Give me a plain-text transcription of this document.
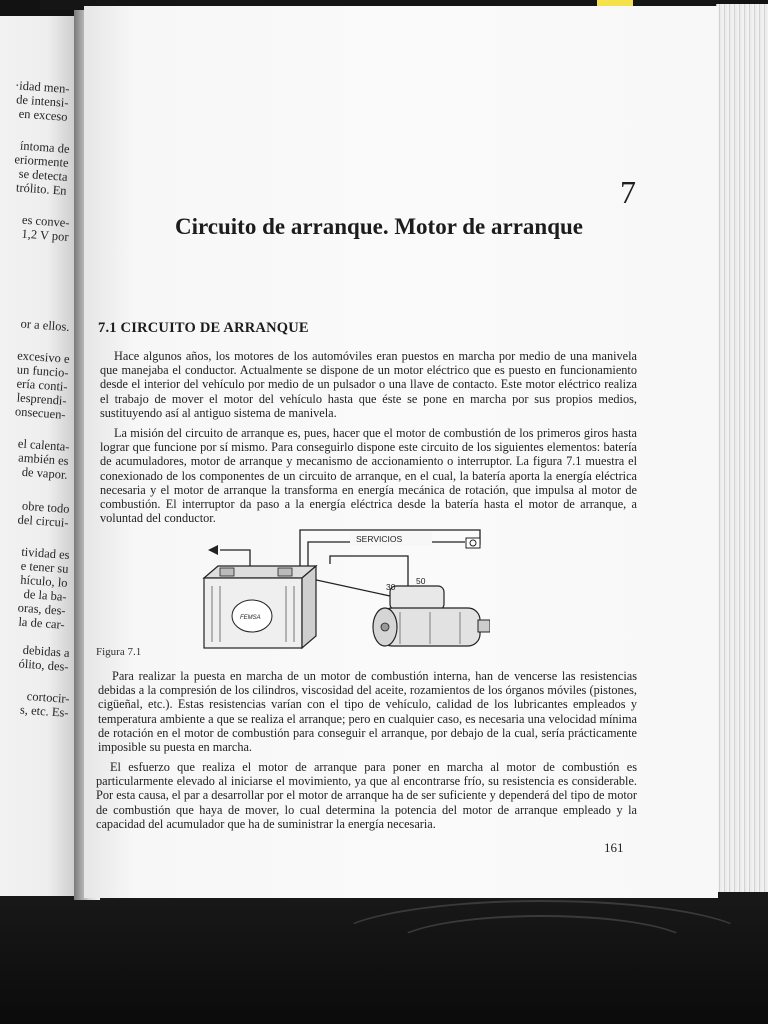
·idad men-
de intensi-
en exceso
íntoma de
eriormente
se detecta
trólito. En
es conve-
1,2 V por
or a ellos.
excesivo e
un funcio-
ería conti-
lesprendi-
onsecuen-
el calenta-
ambién es
de vapor.
obre todo
del circui-
tividad es
e tener su
hículo, lo
de la ba-
oras, des-
la de car-
debidas a
ólito, des-
cortocir-
s, etc. Es-
7
Circuito de arranque. Motor de arranque
7.1 CIRCUITO DE ARRANQUE
Hace algunos años, los motores de los automóviles eran puestos en marcha por medio de una manivela que manejaba el conductor. Actualmente se dispone de un motor eléctrico que es puesto en funcionamiento desde el interior del vehículo por medio de un pulsador o una llave de contacto. Este motor eléctrico realiza el trabajo de mover el motor del vehículo hasta que éste se pone en marcha por sus propios medios, sustituyendo así al antiguo sistema de manivela.
La misión del circuito de arranque es, pues, hacer que el motor de combustión de los primeros giros hasta lograr que funcione por sí mismo. Para conseguirlo dispone este circuito de los siguientes elementos: batería de acumuladores, motor de arranque y mecanismo de accionamiento o interruptor. La figura 7.1 muestra el conexionado de los componentes de un circuito de arranque, en el cual, la batería aporta la energía eléctrica necesaria y el motor de arranque la transforma en energía mecánica de rotación, que impulsa al motor de combustión. El interruptor da paso a la energía eléctrica desde la batería hasta el motor de arranque, a voluntad del conductor.
SERVICIOS
FEMSA
30
50
Figura 7.1
Para realizar la puesta en marcha de un motor de combustión interna, han de vencerse las resistencias debidas a la compresión de los cilindros, viscosidad del aceite, rozamientos de los órganos móviles (pistones, cigüeñal, etc.). Estas resistencias varían con el tipo de vehículo, calidad de los lubricantes empleados y temperatura ambiente a que se realiza el arranque; pero en cualquier caso, es necesaria una velocidad mínima de rotación en el motor de combustión para conseguir el arranque, por debajo de la cual, sería prácticamente imposible su puesta en marcha.
El esfuerzo que realiza el motor de arranque para poner en marcha al motor de combustión es particularmente elevado al iniciarse el movimiento, ya que al encontrarse frío, su resistencia es considerable. Por esta causa, el par a desarrollar por el motor de arranque ha de ser suficiente y dependerá del tipo de motor de combustión que haya de mover, lo cual determina la potencia del motor de arranque empleado y la capacidad del acumulador que ha de suministrar la energía necesaria.
161
